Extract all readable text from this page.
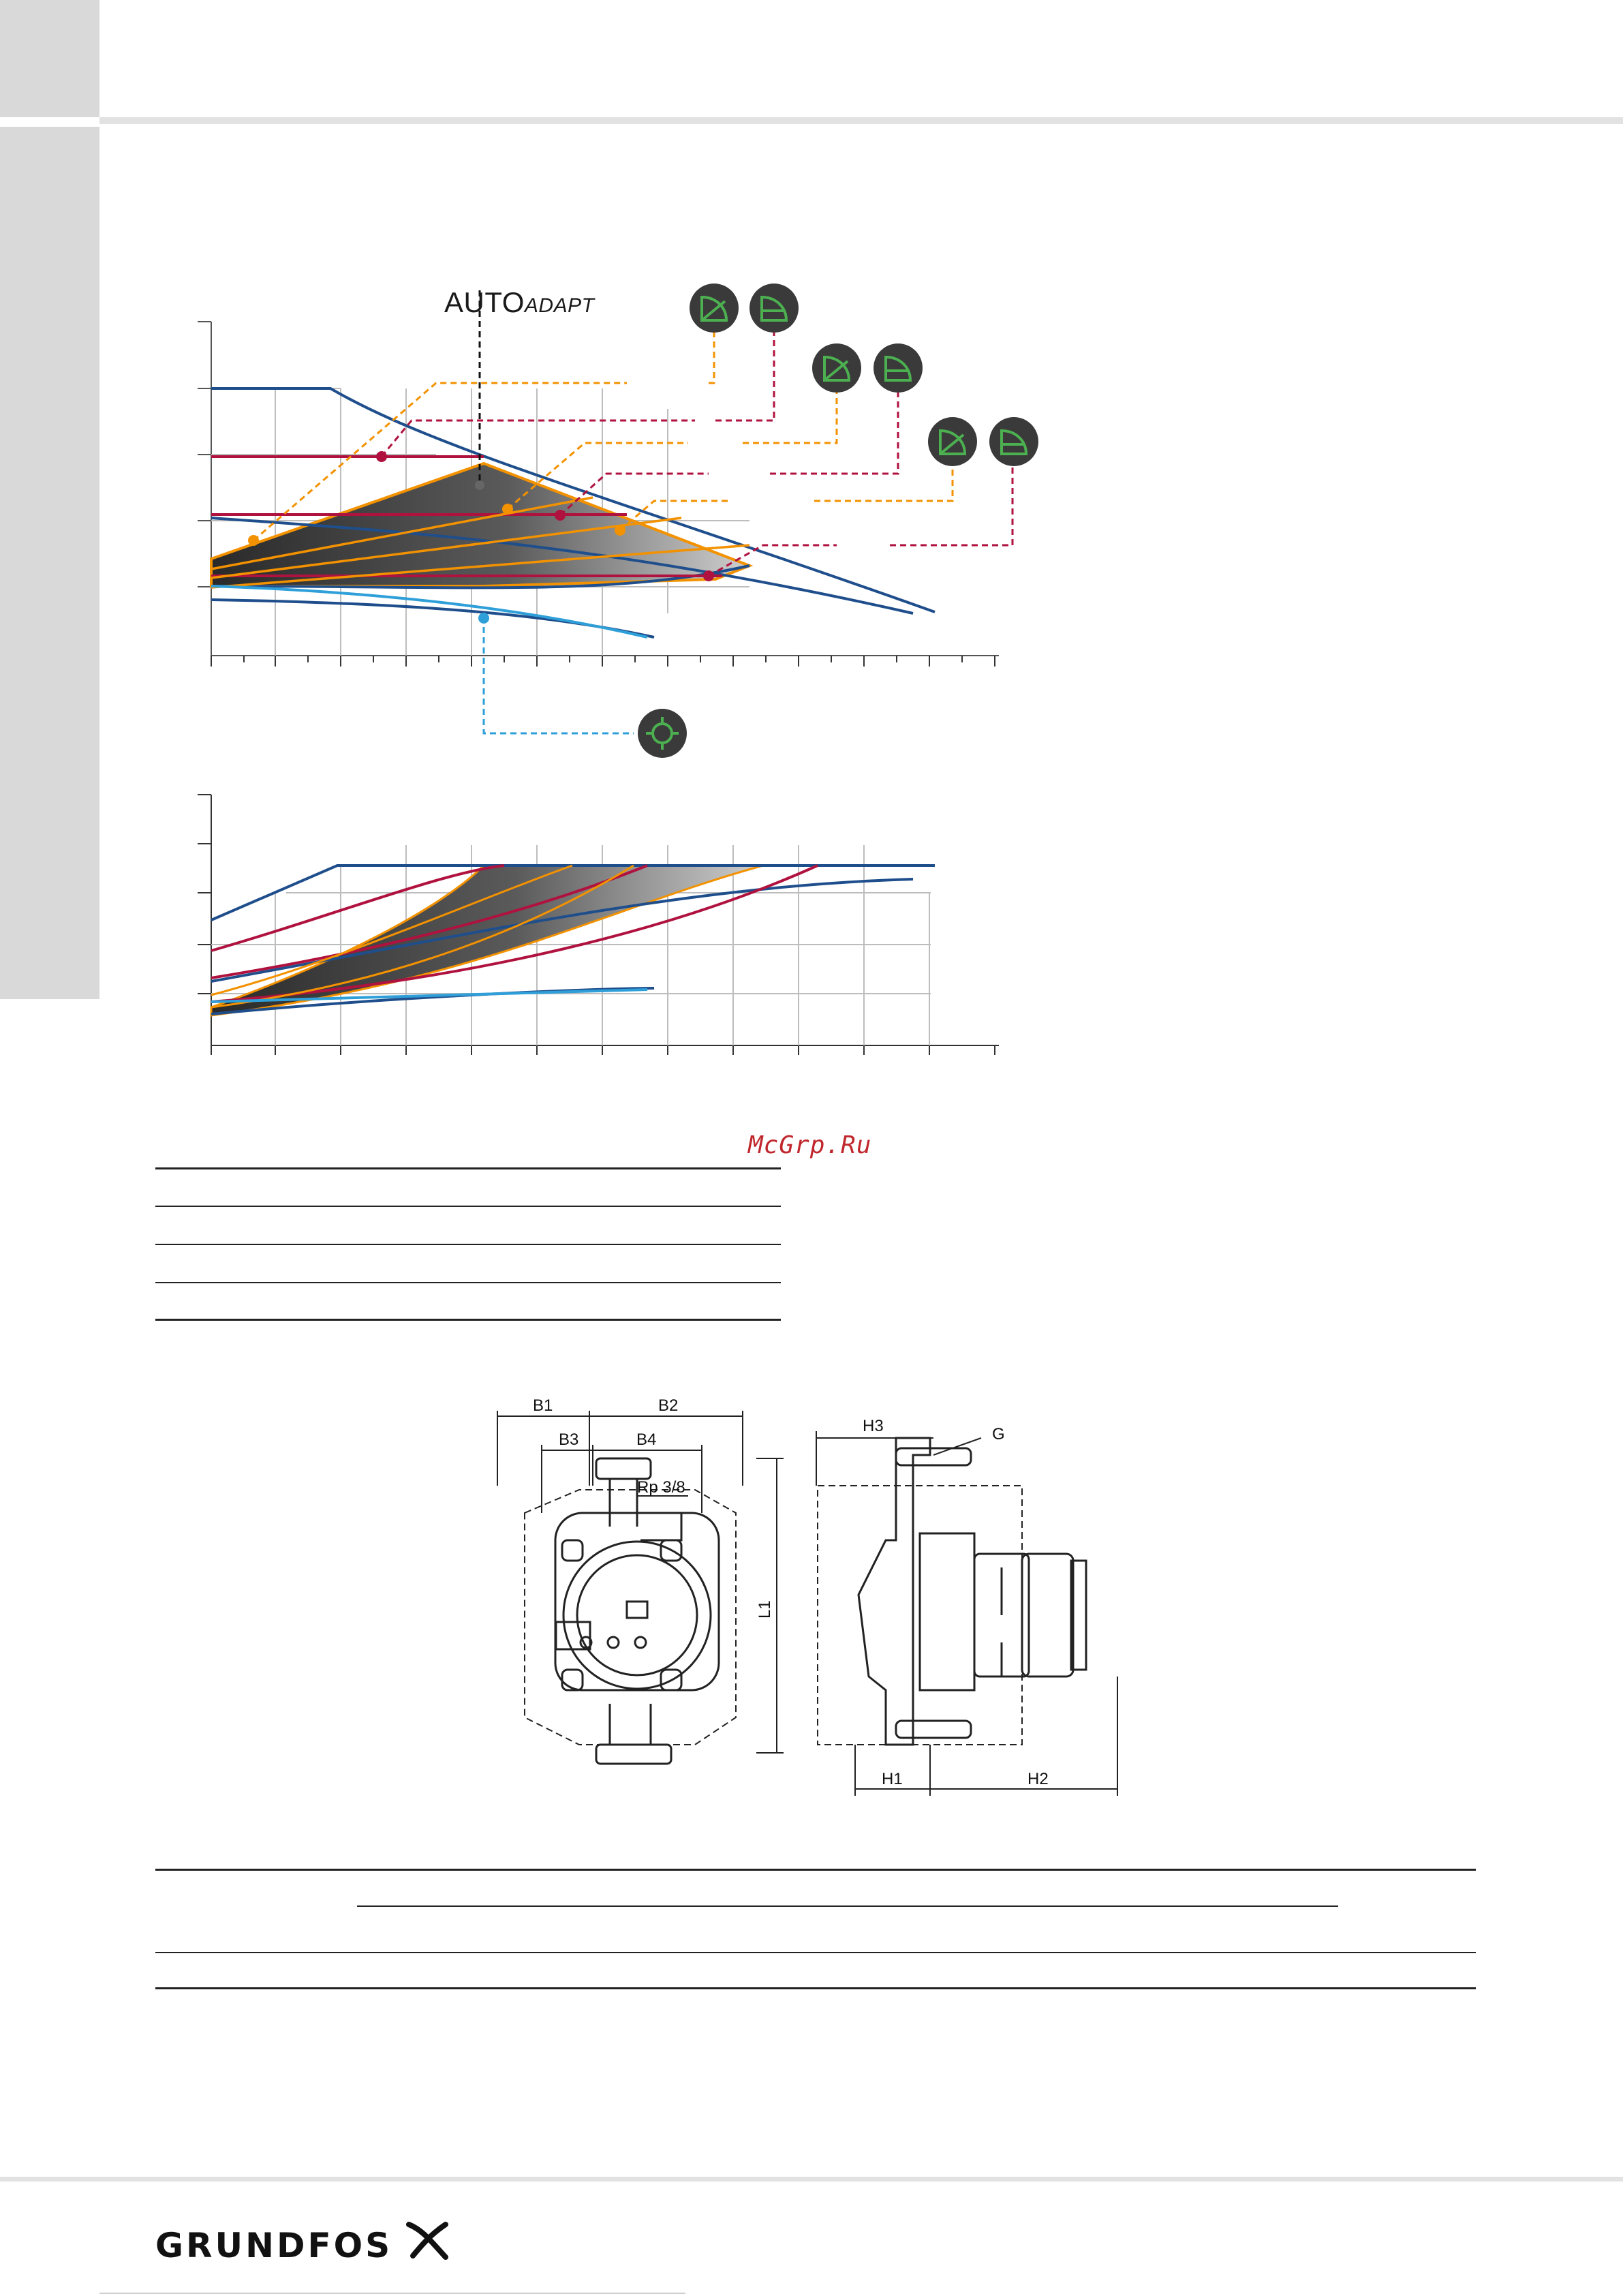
AUTOADAPT
McGrp.Ru
B1	B2
B3	B4
Rp 3/8
L1
H3	G
H1	H2
GRUNDFOS
